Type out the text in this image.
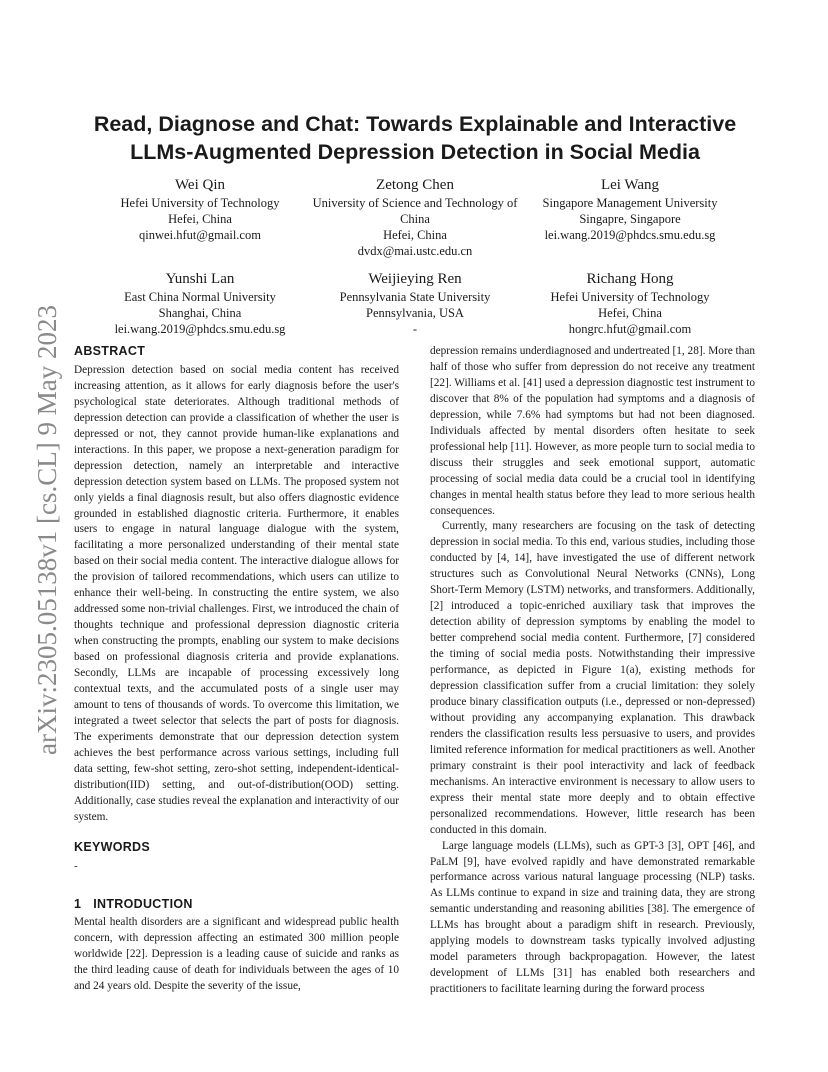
arXiv:2305.05138v1 [cs.CL] 9 May 2023
Read, Diagnose and Chat: Towards Explainable and Interactive LLMs-Augmented Depression Detection in Social Media
Wei Qin
Hefei University of Technology
Hefei, China
qinwei.hfut@gmail.com
Zetong Chen
University of Science and Technology of China
Hefei, China
dvdx@mai.ustc.edu.cn
Lei Wang
Singapore Management University
Singapre, Singapore
lei.wang.2019@phdcs.smu.edu.sg
Yunshi Lan
East China Normal University
Shanghai, China
lei.wang.2019@phdcs.smu.edu.sg
Weijieying Ren
Pennsylvania State University
Pennsylvania, USA
-
Richang Hong
Hefei University of Technology
Hefei, China
hongrc.hfut@gmail.com
ABSTRACT

Depression detection based on social media content has received increasing attention, as it allows for early diagnosis before the user's psychological state deteriorates. Although traditional methods of depression detection can provide a classification of whether the user is depressed or not, they cannot provide human-like explanations and interactions. In this paper, we propose a next-generation paradigm for depression detection, namely an interpretable and interactive depression detection system based on LLMs. The proposed system not only yields a final diagnosis result, but also offers diagnostic evidence grounded in established diagnostic criteria. Furthermore, it enables users to engage in natural language dialogue with the system, facilitating a more personalized understanding of their mental state based on their social media content. The interactive dialogue allows for the provision of tailored recommendations, which users can utilize to enhance their well-being. In constructing the entire system, we also addressed some non-trivial challenges. First, we introduced the chain of thoughts technique and professional depression diagnostic criteria when constructing the prompts, enabling our system to make decisions based on professional diagnosis criteria and provide explanations. Secondly, LLMs are incapable of processing excessively long contextual texts, and the accumulated posts of a single user may amount to tens of thousands of words. To overcome this limitation, we integrated a tweet selector that selects the part of posts for diagnosis. The experiments demonstrate that our depression detection system achieves the best performance across various settings, including full data setting, few-shot setting, zero-shot setting, independent-identical-distribution(IID) setting, and out-of-distribution(OOD) setting. Additionally, case studies reveal the explanation and interactivity of our system.

KEYWORDS

-

1 INTRODUCTION

Mental health disorders are a significant and widespread public health concern, with depression affecting an estimated 300 million people worldwide [22]. Depression is a leading cause of suicide and ranks as the third leading cause of death for individuals between the ages of 10 and 24 years old. Despite the severity of the issue,

depression remains underdiagnosed and undertreated [1, 28]. More than half of those who suffer from depression do not receive any treatment [22]. Williams et al. [41] used a depression diagnostic test instrument to discover that 8% of the population had symptoms and a diagnosis of depression, while 7.6% had symptoms but had not been diagnosed. Individuals affected by mental disorders often hesitate to seek professional help [11]. However, as more people turn to social media to discuss their struggles and seek emotional support, automatic processing of social media data could be a crucial tool in identifying changes in mental health status before they lead to more serious health consequences.

Currently, many researchers are focusing on the task of detecting depression in social media. To this end, various studies, including those conducted by [4, 14], have investigated the use of different network structures such as Convolutional Neural Networks (CNNs), Long Short-Term Memory (LSTM) networks, and transformers. Additionally, [2] introduced a topic-enriched auxiliary task that improves the detection ability of depression symptoms by enabling the model to better comprehend social media content. Furthermore, [7] considered the timing of social media posts. Notwithstanding their impressive performance, as depicted in Figure 1(a), existing methods for depression classification suffer from a crucial limitation: they solely produce binary classification outputs (i.e., depressed or non-depressed) without providing any accompanying explanation. This drawback renders the classification results less persuasive to users, and provides limited reference information for medical practitioners as well. Another primary constraint is their pool interactivity and lack of feedback mechanisms. An interactive environment is necessary to allow users to express their mental state more deeply and to obtain effective personalized recommendations. However, little research has been conducted in this domain.

Large language models (LLMs), such as GPT-3 [3], OPT [46], and PaLM [9], have evolved rapidly and have demonstrated remarkable performance across various natural language processing (NLP) tasks. As LLMs continue to expand in size and training data, they are strong semantic understanding and reasoning abilities [38]. The emergence of LLMs has brought about a paradigm shift in research. Previously, applying models to downstream tasks typically involved adjusting model parameters through backpropagation. However, the latest development of LLMs [31] has enabled both researchers and practitioners to facilitate learning during the forward process
